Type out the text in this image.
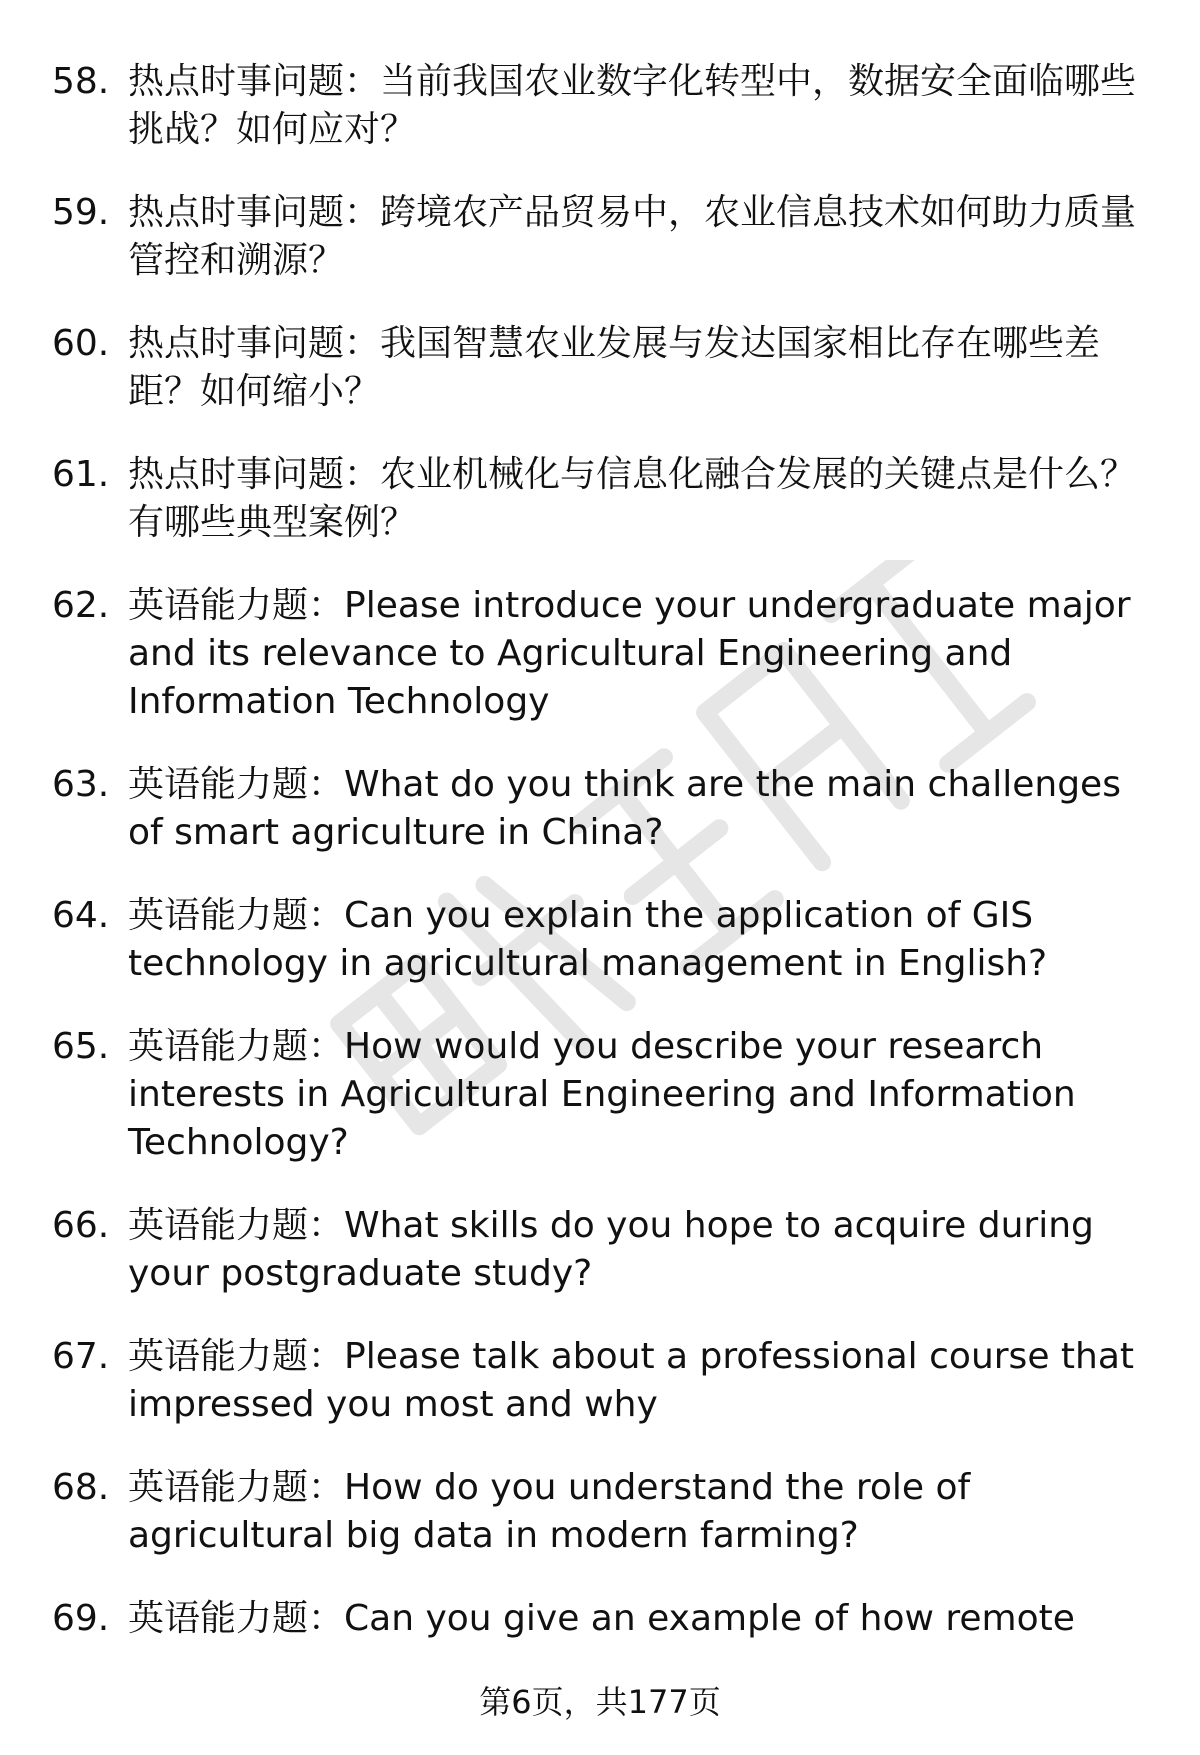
58. 热点时事问题：当前我国农业数字化转型中，数据安全面临哪些挑战？如何应对？
59. 热点时事问题：跨境农产品贸易中，农业信息技术如何助力质量管控和溯源？
60. 热点时事问题：我国智慧农业发展与发达国家相比存在哪些差距？如何缩小？
61. 热点时事问题：农业机械化与信息化融合发展的关键点是什么？有哪些典型案例？
62. 英语能力题：Please introduce your undergraduate major and its relevance to Agricultural Engineering and Information Technology
63. 英语能力题：What do you think are the main challenges of smart agriculture in China?
64. 英语能力题：Can you explain the application of GIS technology in agricultural management in English?
65. 英语能力题：How would you describe your research interests in Agricultural Engineering and Information Technology?
66. 英语能力题：What skills do you hope to acquire during your postgraduate study?
67. 英语能力题：Please talk about a professional course that impressed you most and why
68. 英语能力题：How do you understand the role of agricultural big data in modern farming?
69. 英语能力题：Can you give an example of how remote
第6页，共177页
